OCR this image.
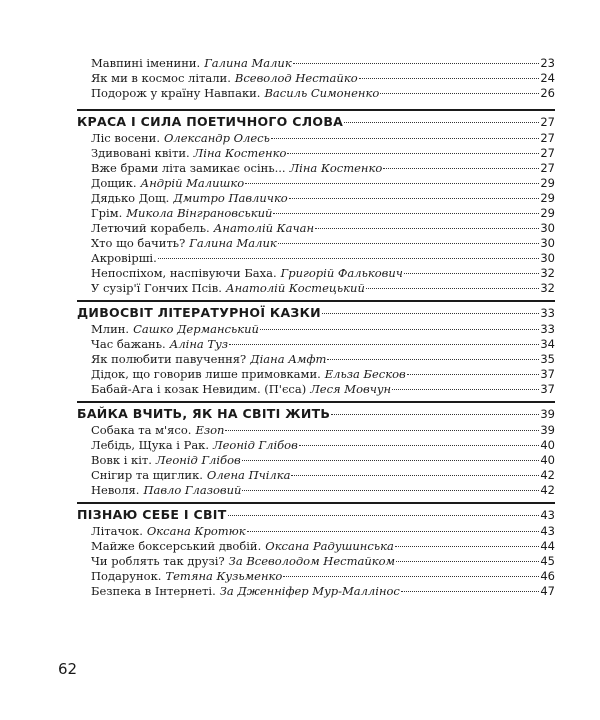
Мавпині іменини. Галина Малик	23
Як ми в космос літали. Всеволод Нестайко	24
Подорож у країну Навпаки. Василь Симоненко	26
КРАСА І СИЛА ПОЕТИЧНОГО СЛОВА	27
Ліс восени. Олександр Олесь	27
Здивовані квіти. Ліна Костенко	27
Вже брами літа замикає осінь... Ліна Костенко	27
Дощик. Андрій Малишко	29
Дядько Дощ. Дмитро Павличко	29
Грім. Микола Вінграновський	29
Летючий корабель. Анатолій Качан	30
Хто що бачить? Галина Малик	30
Акровірші.	30
Непоспіхом, наспівуючи Баха. Григорій Фалькович	32
У сузір'ї Гончих Псів. Анатолій Костецький	32
ДИВОСВІТ ЛІТЕРАТУРНОЇ КАЗКИ	33
Млин. Сашко Дерманський	33
Час бажань. Аліна Туз	34
Як полюбити павучення? Діана Амфт	35
Дідок, що говорив лише примовками. Ельза Бесков	37
Бабай-Ага і козак Невидим. (П'єса) Леся Мовчун	37
БАЙКА ВЧИТЬ, ЯК НА СВІТІ ЖИТЬ	39
Собака та м'ясо. Езоп	39
Лебідь, Щука і Рак. Леонід Глібов	40
Вовк і кіт. Леонід Глібов	40
Снігир та щиглик. Олена Пчілка	42
Неволя. Павло Глазовий	42
ПІЗНАЮ СЕБЕ І СВІТ	43
Літачок. Оксана Кротюк	43
Майже боксерський двобій. Оксана Радушинська	44
Чи роблять так друзі? За Всеволодом Нестайком	45
Подарунок. Тетяна Кузьменко	46
Безпека в Інтернеті. За Дженніфер Мур-Маллінос	47
62
